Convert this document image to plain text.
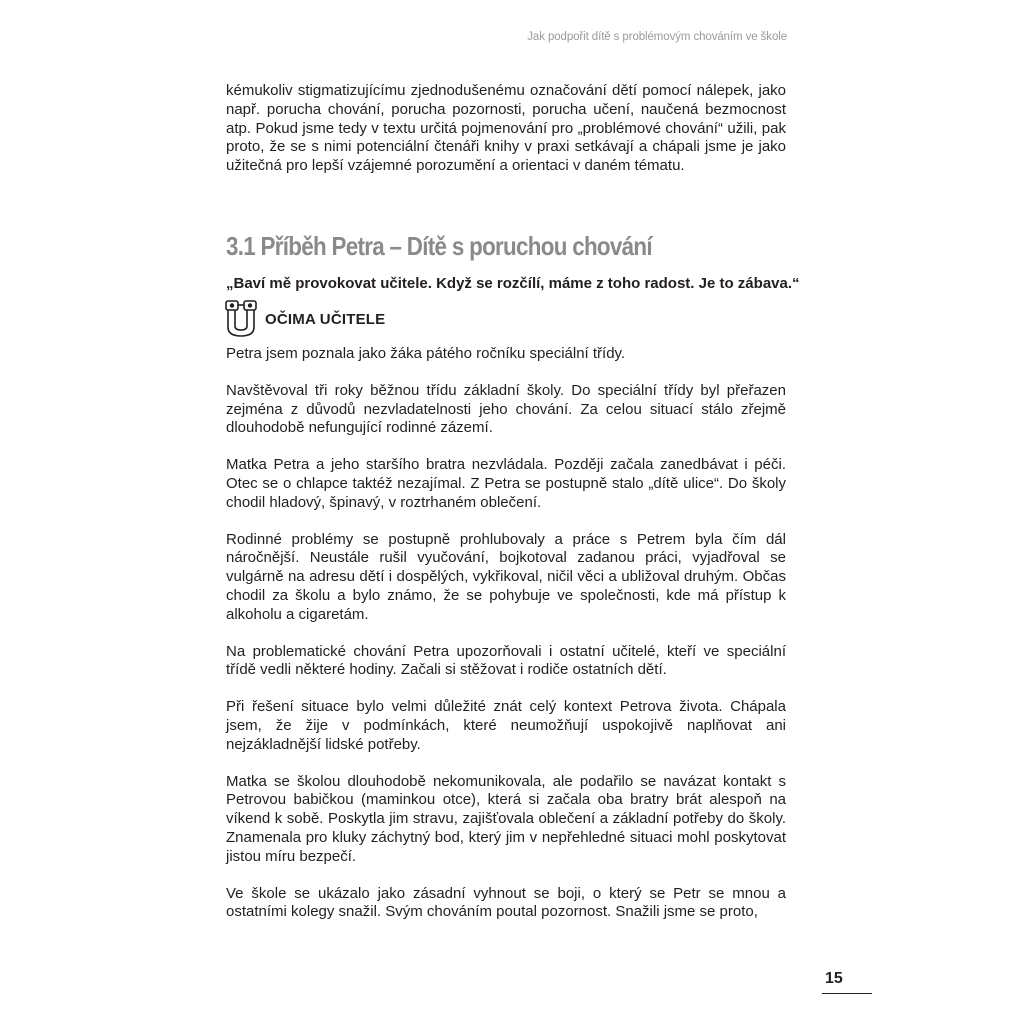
Jak podpořit dítě s problémovým chováním ve škole

kémukoliv stigmatizujícímu zjednodušenému označování dětí pomocí nálepek, jako např. porucha chování, porucha pozornosti, porucha učení, naučená bezmocnost atp. Pokud jsme tedy v textu určitá pojmenování pro „problémové chování“ užili, pak proto, že se s nimi potenciální čtenáři knihy v praxi setkávají a chápali jsme je jako užitečná pro lepší vzájemné porozumění a orientaci v daném tématu.

3.1 Příběh Petra – Dítě s poruchou chování
„Baví mě provokovat učitele. Když se rozčílí, máme z toho radost. Je to zábava.“
OČIMA UČITELE

Petra jsem poznala jako žáka pátého ročníku speciální třídy.

Navštěvoval tři roky běžnou třídu základní školy. Do speciální třídy byl přeřazen zejména z důvodů nezvladatelnosti jeho chování. Za celou situací stálo zřejmě dlouhodobě nefungující rodinné zázemí.

Matka Petra a jeho staršího bratra nezvládala. Později začala zanedbávat i péči. Otec se o chlapce taktéž nezajímal. Z Petra se postupně stalo „dítě ulice“. Do školy chodil hladový, špinavý, v roztrhaném oblečení.

Rodinné problémy se postupně prohlubovaly a práce s Petrem byla čím dál náročnější. Neustále rušil vyučování, bojkotoval zadanou práci, vyjadřoval se vulgárně na adresu dětí i dospělých, vykřikoval, ničil věci a ubližoval druhým. Občas chodil za školu a bylo známo, že se pohybuje ve společnosti, kde má přístup k alkoholu a cigaretám.

Na problematické chování Petra upozorňovali i ostatní učitelé, kteří ve speciální třídě vedli některé hodiny. Začali si stěžovat i rodiče ostatních dětí.

Při řešení situace bylo velmi důležité znát celý kontext Petrova života. Chápala jsem, že žije v podmínkách, které neumožňují uspokojivě naplňovat ani nejzákladnější lidské potřeby.

Matka se školou dlouhodobě nekomunikovala, ale podařilo se navázat kontakt s Petrovou babičkou (maminkou otce), která si začala oba bratry brát alespoň na víkend k sobě. Poskytla jim stravu, zajišťovala oblečení a základní potřeby do školy. Znamenala pro kluky záchytný bod, který jim v nepřehledné situaci mohl poskytovat jistou míru bezpečí.

Ve škole se ukázalo jako zásadní vyhnout se boji, o který se Petr se mnou a ostatními kolegy snažil. Svým chováním poutal pozornost. Snažili jsme se proto,

15
